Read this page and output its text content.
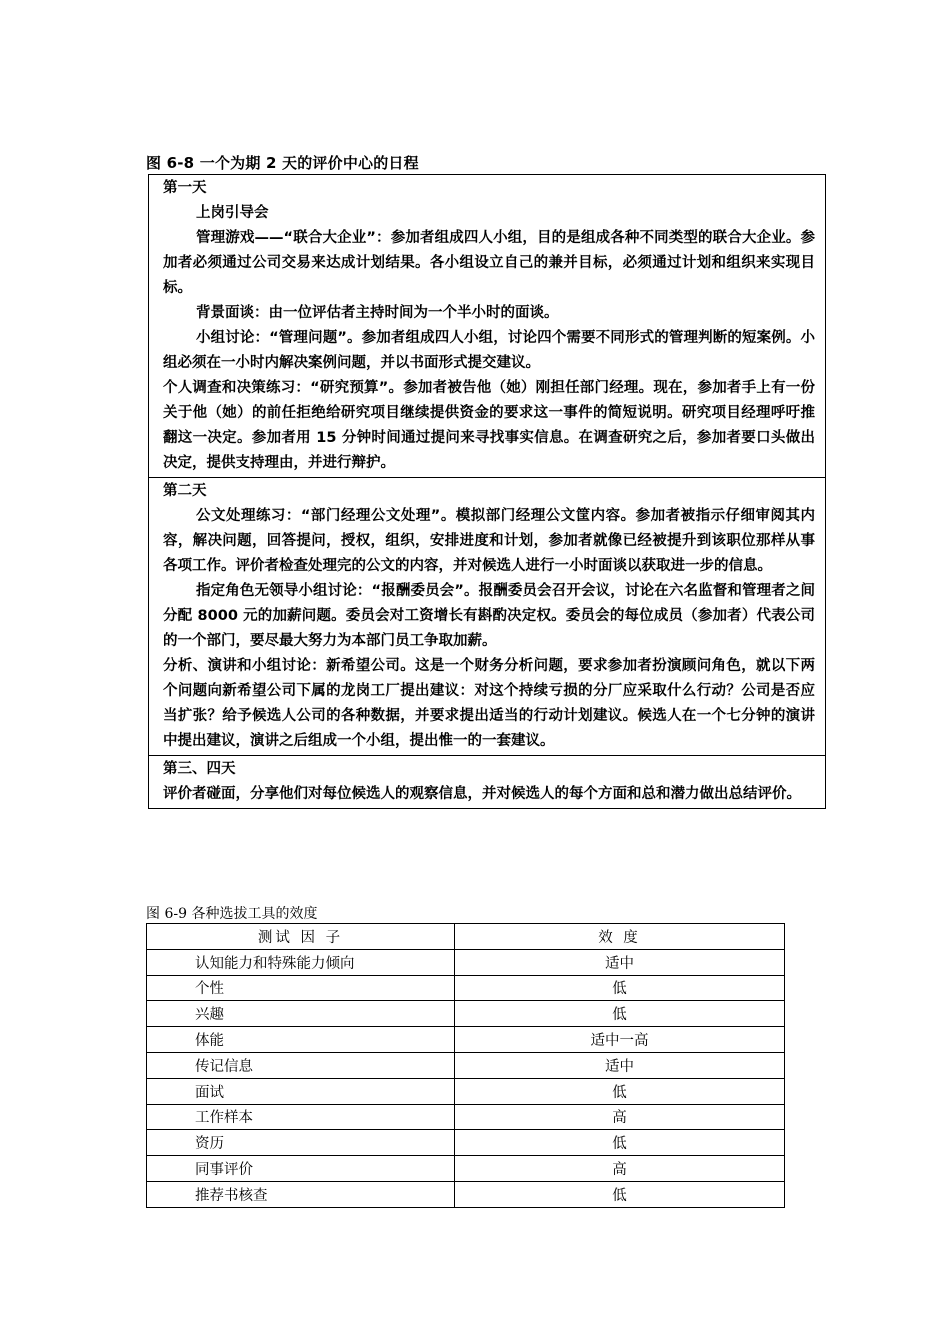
图 6-8 一个为期 2 天的评价中心的日程

第一天

上岗引导会

管理游戏——“联合大企业”：参加者组成四人小组，目的是组成各种不同类型的联合大企业。参加者必须通过公司交易来达成计划结果。各小组设立自己的兼并目标，必须通过计划和组织来实现目标。

背景面谈：由一位评估者主持时间为一个半小时的面谈。

小组讨论：“管理问题”。参加者组成四人小组，讨论四个需要不同形式的管理判断的短案例。小组必须在一小时内解决案例问题，并以书面形式提交建议。

个人调查和决策练习：“研究预算”。参加者被告他（她）刚担任部门经理。现在，参加者手上有一份关于他（她）的前任拒绝给研究项目继续提供资金的要求这一事件的简短说明。研究项目经理呼吁推翻这一决定。参加者用 15 分钟时间通过提问来寻找事实信息。在调查研究之后，参加者要口头做出决定，提供支持理由，并进行辩护。

第二天

公文处理练习：“部门经理公文处理”。模拟部门经理公文筐内容。参加者被指示仔细审阅其内容，解决问题，回答提问，授权，组织，安排进度和计划，参加者就像已经被提升到该职位那样从事各项工作。评价者检查处理完的公文的内容，并对候选人进行一小时面谈以获取进一步的信息。

指定角色无领导小组讨论：“报酬委员会”。报酬委员会召开会议，讨论在六名监督和管理者之间分配 8000 元的加薪问题。委员会对工资增长有斟酌决定权。委员会的每位成员（参加者）代表公司的一个部门，要尽最大努力为本部门员工争取加薪。

分析、演讲和小组讨论：新希望公司。这是一个财务分析问题，要求参加者扮演顾问角色，就以下两个问题向新希望公司下属的龙岗工厂提出建议：对这个持续亏损的分厂应采取什么行动？公司是否应当扩张？给予候选人公司的各种数据，并要求提出适当的行动计划建议。候选人在一个七分钟的演讲中提出建议，演讲之后组成一个小组，提出惟一的一套建议。

第三、四天

评价者碰面，分享他们对每位候选人的观察信息，并对候选人的每个方面和总和潜力做出总结评价。

图 6-9 各种选拔工具的效度
测试 因 子	效 度
认知能力和特殊能力倾向	适中
个性	低
兴趣	低
体能	适中一高
传记信息	适中
面试	低
工作样本	高
资历	低
同事评价	高
推荐书核查	低
